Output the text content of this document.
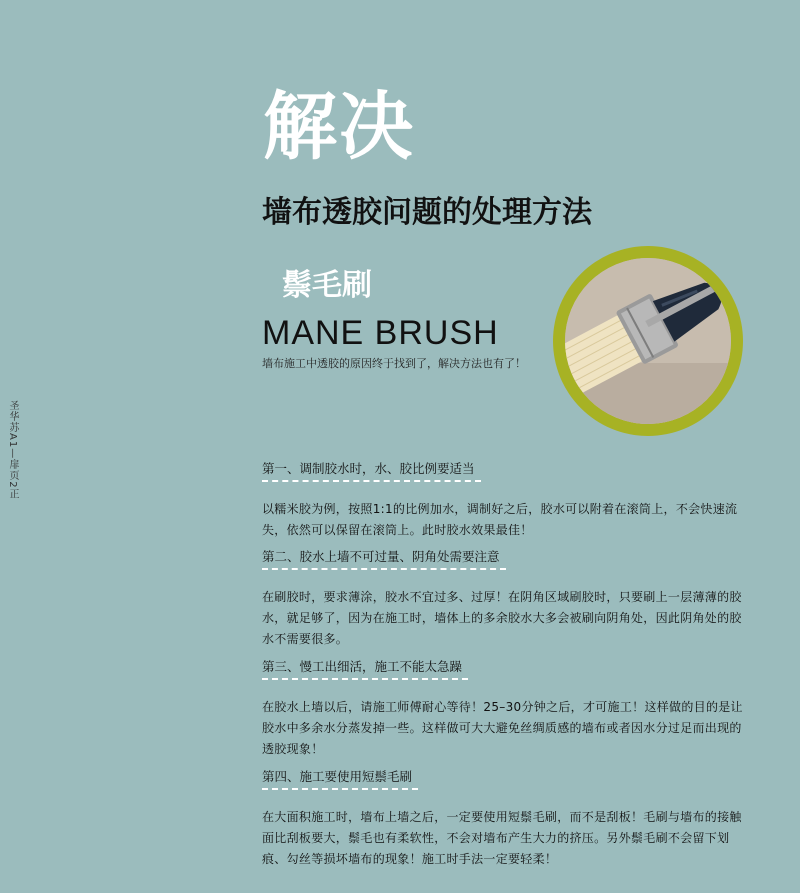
圣华苏A1—扉页2正
解决
墙布透胶问题的处理方法
鬃毛刷
MANE BRUSH
墙布施工中透胶的原因终于找到了，解决方法也有了！
第一、调制胶水时，水、胶比例要适当
以糯米胶为例，按照1:1的比例加水，调制好之后，胶水可以附着在滚筒上，不会快速流失，依然可以保留在滚筒上。此时胶水效果最佳！
第二、胶水上墙不可过量、阴角处需要注意
在刷胶时，要求薄涂，胶水不宜过多、过厚！在阴角区域刷胶时，只要刷上一层薄薄的胶水，就足够了，因为在施工时，墙体上的多余胶水大多会被刷向阴角处，因此阴角处的胶水不需要很多。
第三、慢工出细活，施工不能太急躁
在胶水上墙以后，请施工师傅耐心等待！25–30分钟之后，才可施工！这样做的目的是让胶水中多余水分蒸发掉一些。这样做可大大避免丝绸质感的墙布或者因水分过足而出现的透胶现象！
第四、施工要使用短鬃毛刷
在大面积施工时，墙布上墙之后，一定要使用短鬃毛刷，而不是刮板！毛刷与墙布的接触面比刮板要大，鬃毛也有柔软性，不会对墙布产生大力的挤压。另外鬃毛刷不会留下划痕、勾丝等损坏墙布的现象！施工时手法一定要轻柔！
